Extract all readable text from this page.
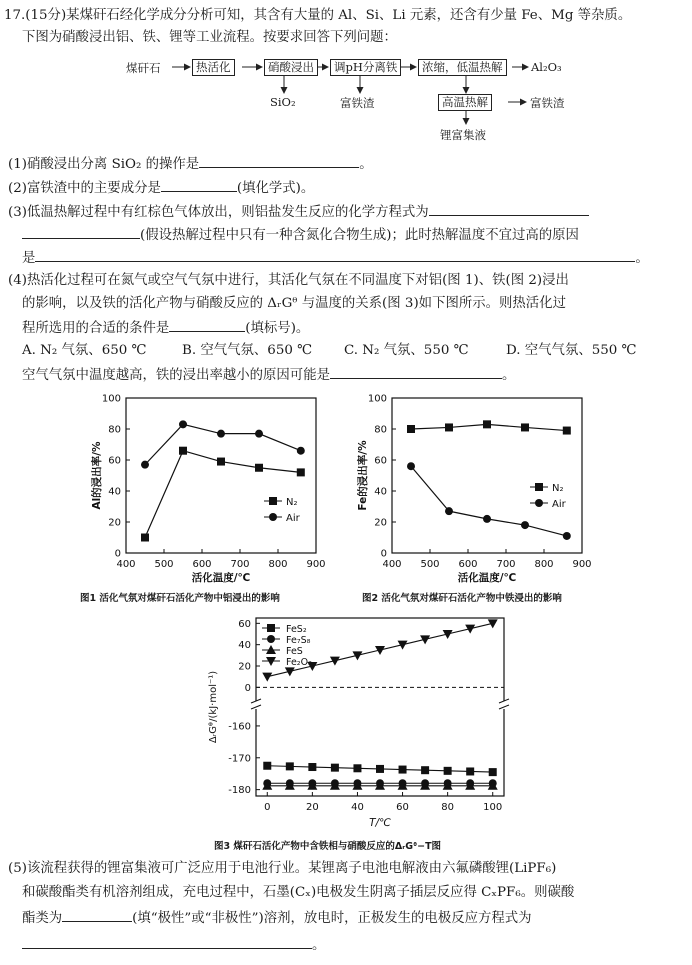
17.(15分)某煤矸石经化学成分分析可知，其含有大量的 Al、Si、Li 元素，还含有少量 Fe、Mg 等杂质。
下图为硝酸浸出铝、铁、锂等工业流程。按要求回答下列问题：
煤矸石	热活化	硝酸浸出	调pH分离铁	浓缩，低温热解	Al₂O₃
SiO₂	富铁渣	高温热解	富铁渣
锂富集液
(1)硝酸浸出分离 SiO₂ 的操作是	。
(2)富铁渣中的主要成分是	(填化学式)。
(3)低温热解过程中有红棕色气体放出，则铝盐发生反应的化学方程式为
(假设热解过程中只有一种含氮化合物生成)；此时热解温度不宜过高的原因
是	。
(4)热活化过程可在氮气或空气气氛中进行，其活化气氛在不同温度下对铝(图 1)、铁(图 2)浸出
的影响，以及铁的活化产物与硝酸反应的 ΔᵣGᶿ 与温度的关系(图 3)如下图所示。则热活化过
程所选用的合适的条件是	(填标号)。
A. N₂ 气氛、650 ℃	B. 空气气氛、650 ℃ C. N₂ 气氛、550 ℃	D. 空气气氛、550 ℃
空气气氛中温度越高，铁的浸出率越小的原因可能是	。
400 500 600 700 800 900
0
20
40
60
80
100
活化温度/℃
Al的浸出率/%	N₂
Air
400 500 600 700 800 900
0
20
40
60
80
100
活化温度/℃
Fe的浸出率/%	N₂
Air
图1 活化气氛对煤矸石活化产物中铝浸出的影响	图2 活化气氛对煤矸石活化产物中铁浸出的影响
0	20	40	60	80	100
60
40
20
0
-160
-170
-180
T/℃
ΔᵣGᶿ/(kJ·mol⁻¹)
FeS₂
Fe₇S₈
FeS
Fe₂O₃
图3 煤矸石活化产物中含铁相与硝酸反应的ΔᵣGᶿ−T图
(5)该流程获得的锂富集液可广泛应用于电池行业。某锂离子电池电解液由六氟磷酸锂(LiPF₆)
和碳酸酯类有机溶剂组成，充电过程中，石墨(Cₓ)电极发生阴离子插层反应得 CₓPF₆。则碳酸
酯类为	(填“极性”或“非极性”)溶剂，放电时，正极发生的电极反应方程式为
。
